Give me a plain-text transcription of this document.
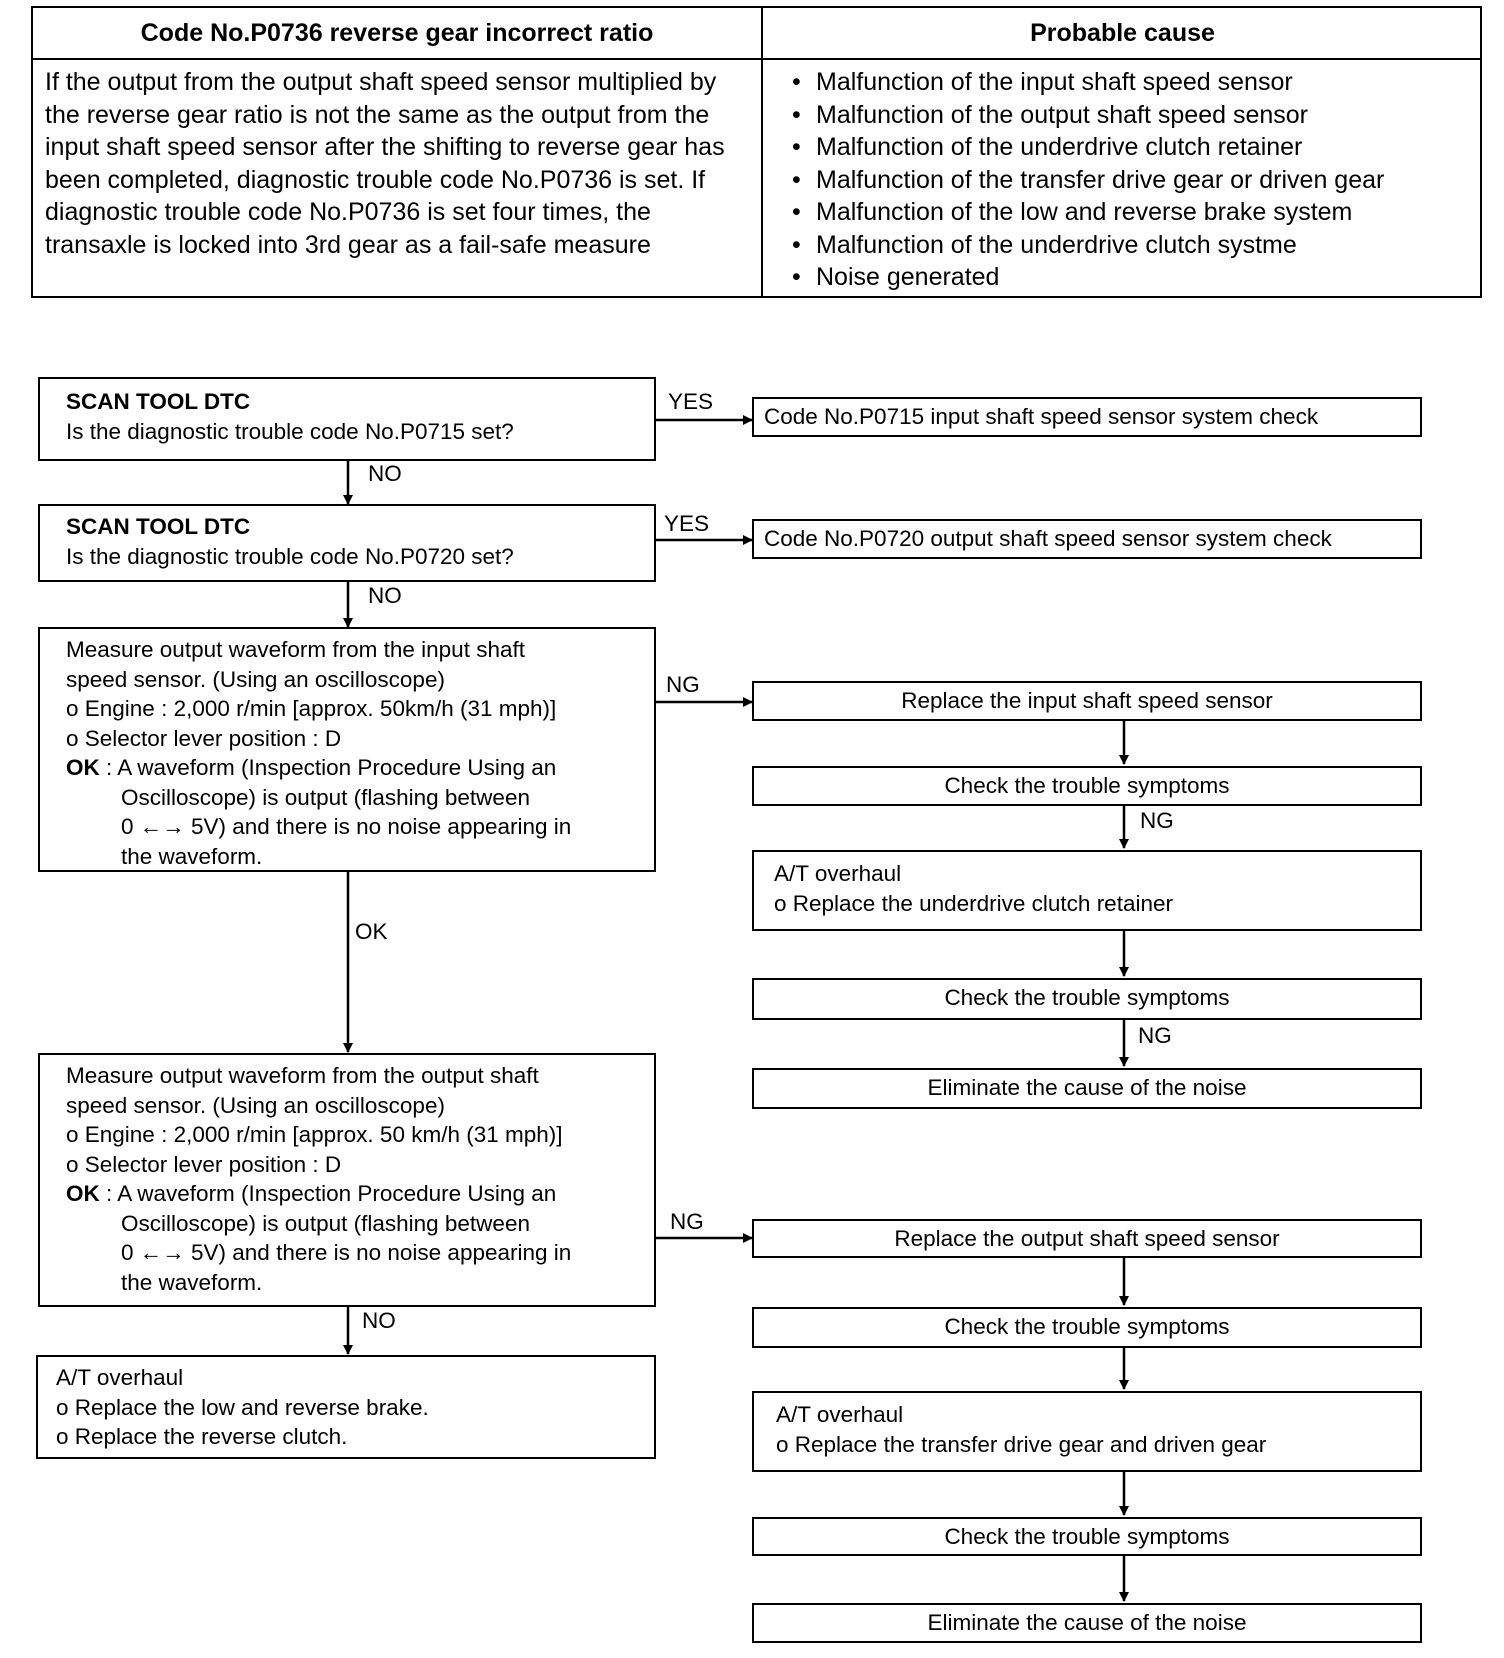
Code No.P0736 reverse gear incorrect ratio	Probable cause

If the output from the output shaft speed sensor multiplied by the reverse gear ratio is not the same as the output from the input shaft speed sensor after the shifting to reverse gear has been completed, diagnostic trouble code No.P0736 is set. If diagnostic trouble code No.P0736 is set four times, the transaxle is locked into 3rd gear as a fail-safe measure

• Malfunction of the input shaft speed sensor
• Malfunction of the output shaft speed sensor
• Malfunction of the underdrive clutch retainer
• Malfunction of the transfer drive gear or driven gear
• Malfunction of the low and reverse brake system
• Malfunction of the underdrive clutch systme
• Noise generated
SCAN TOOL DTC
Is the diagnostic trouble code No.P0715 set?
YES
Code No.P0715 input shaft speed sensor system check
NO
SCAN TOOL DTC
Is the diagnostic trouble code No.P0720 set?
YES
Code No.P0720 output shaft speed sensor system check
NO
Measure output waveform from the input shaft
speed sensor. (Using an oscilloscope)
o Engine : 2,000 r/min [approx. 50km/h (31 mph)]
o Selector lever position : D
OK : A waveform (Inspection Procedure Using an
Oscilloscope) is output (flashing between
0 ←→ 5V) and there is no noise appearing in
the waveform.
NG
OK
Replace the input shaft speed sensor
Check the trouble symptoms
NG
A/T overhaul
o Replace the underdrive clutch retainer
Check the trouble symptoms
NG
Eliminate the cause of the noise
Measure output waveform from the output shaft
speed sensor. (Using an oscilloscope)
o Engine : 2,000 r/min [approx. 50 km/h (31 mph)]
o Selector lever position : D
OK : A waveform (Inspection Procedure Using an
Oscilloscope) is output (flashing between
0 ←→ 5V) and there is no noise appearing in
the waveform.
NG
NO
Replace the output shaft speed sensor
Check the trouble symptoms
A/T overhaul
o Replace the transfer drive gear and driven gear
Check the trouble symptoms
Eliminate the cause of the noise
A/T overhaul
o Replace the low and reverse brake.
o Replace the reverse clutch.
